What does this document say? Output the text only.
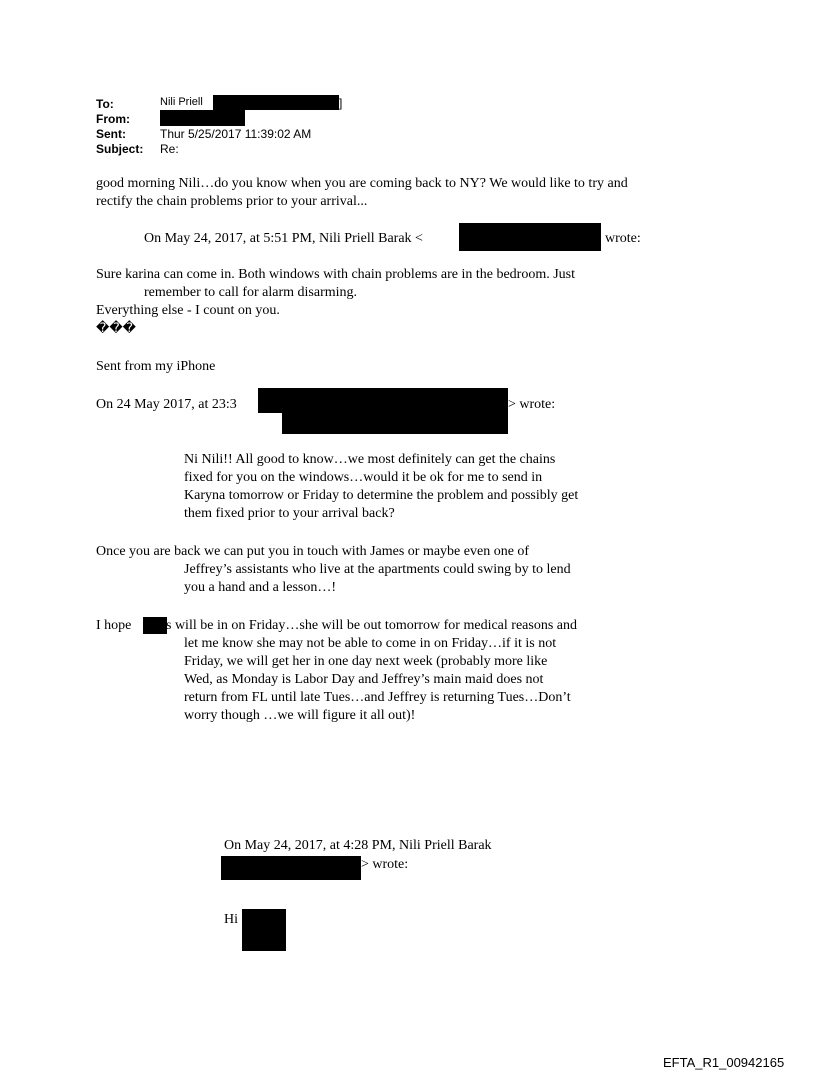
To:	Nili Priell	]
From:
Sent:	Thur 5/25/2017 11:39:02 AM
Subject: Re:
good morning Nili…do you know when you are coming back to NY? We would like to try and
rectify the chain problems prior to your arrival...
On May 24, 2017, at 5:51 PM, Nili Priell Barak <	wrote:
Sure karina can come in. Both windows with chain problems are in the bedroom. Just
remember to call for alarm disarming.
Everything else - I count on you.
���
Sent from my iPhone
On 24 May 2017, at 23:3	> wrote:
Ni Nili!! All good to know…we most definitely can get the chains
fixed for you on the windows…would it be ok for me to send in
Karyna tomorrow or Friday to determine the problem and possibly get
them fixed prior to your arrival back?
Once you are back we can put you in touch with James or maybe even one of
Jeffrey’s assistants who live at the apartments could swing by to lend
you a hand and a lesson…!
I hope s will be in on Friday…she will be out tomorrow for medical reasons and
let me know she may not be able to come in on Friday…if it is not
Friday, we will get her in one day next week (probably more like
Wed, as Monday is Labor Day and Jeffrey’s main maid does not
return from FL until late Tues…and Jeffrey is returning Tues…Don’t
worry though …we will figure it all out)!
On May 24, 2017, at 4:28 PM, Nili Priell Barak
> wrote:
Hi
EFTA_R1_00942165
